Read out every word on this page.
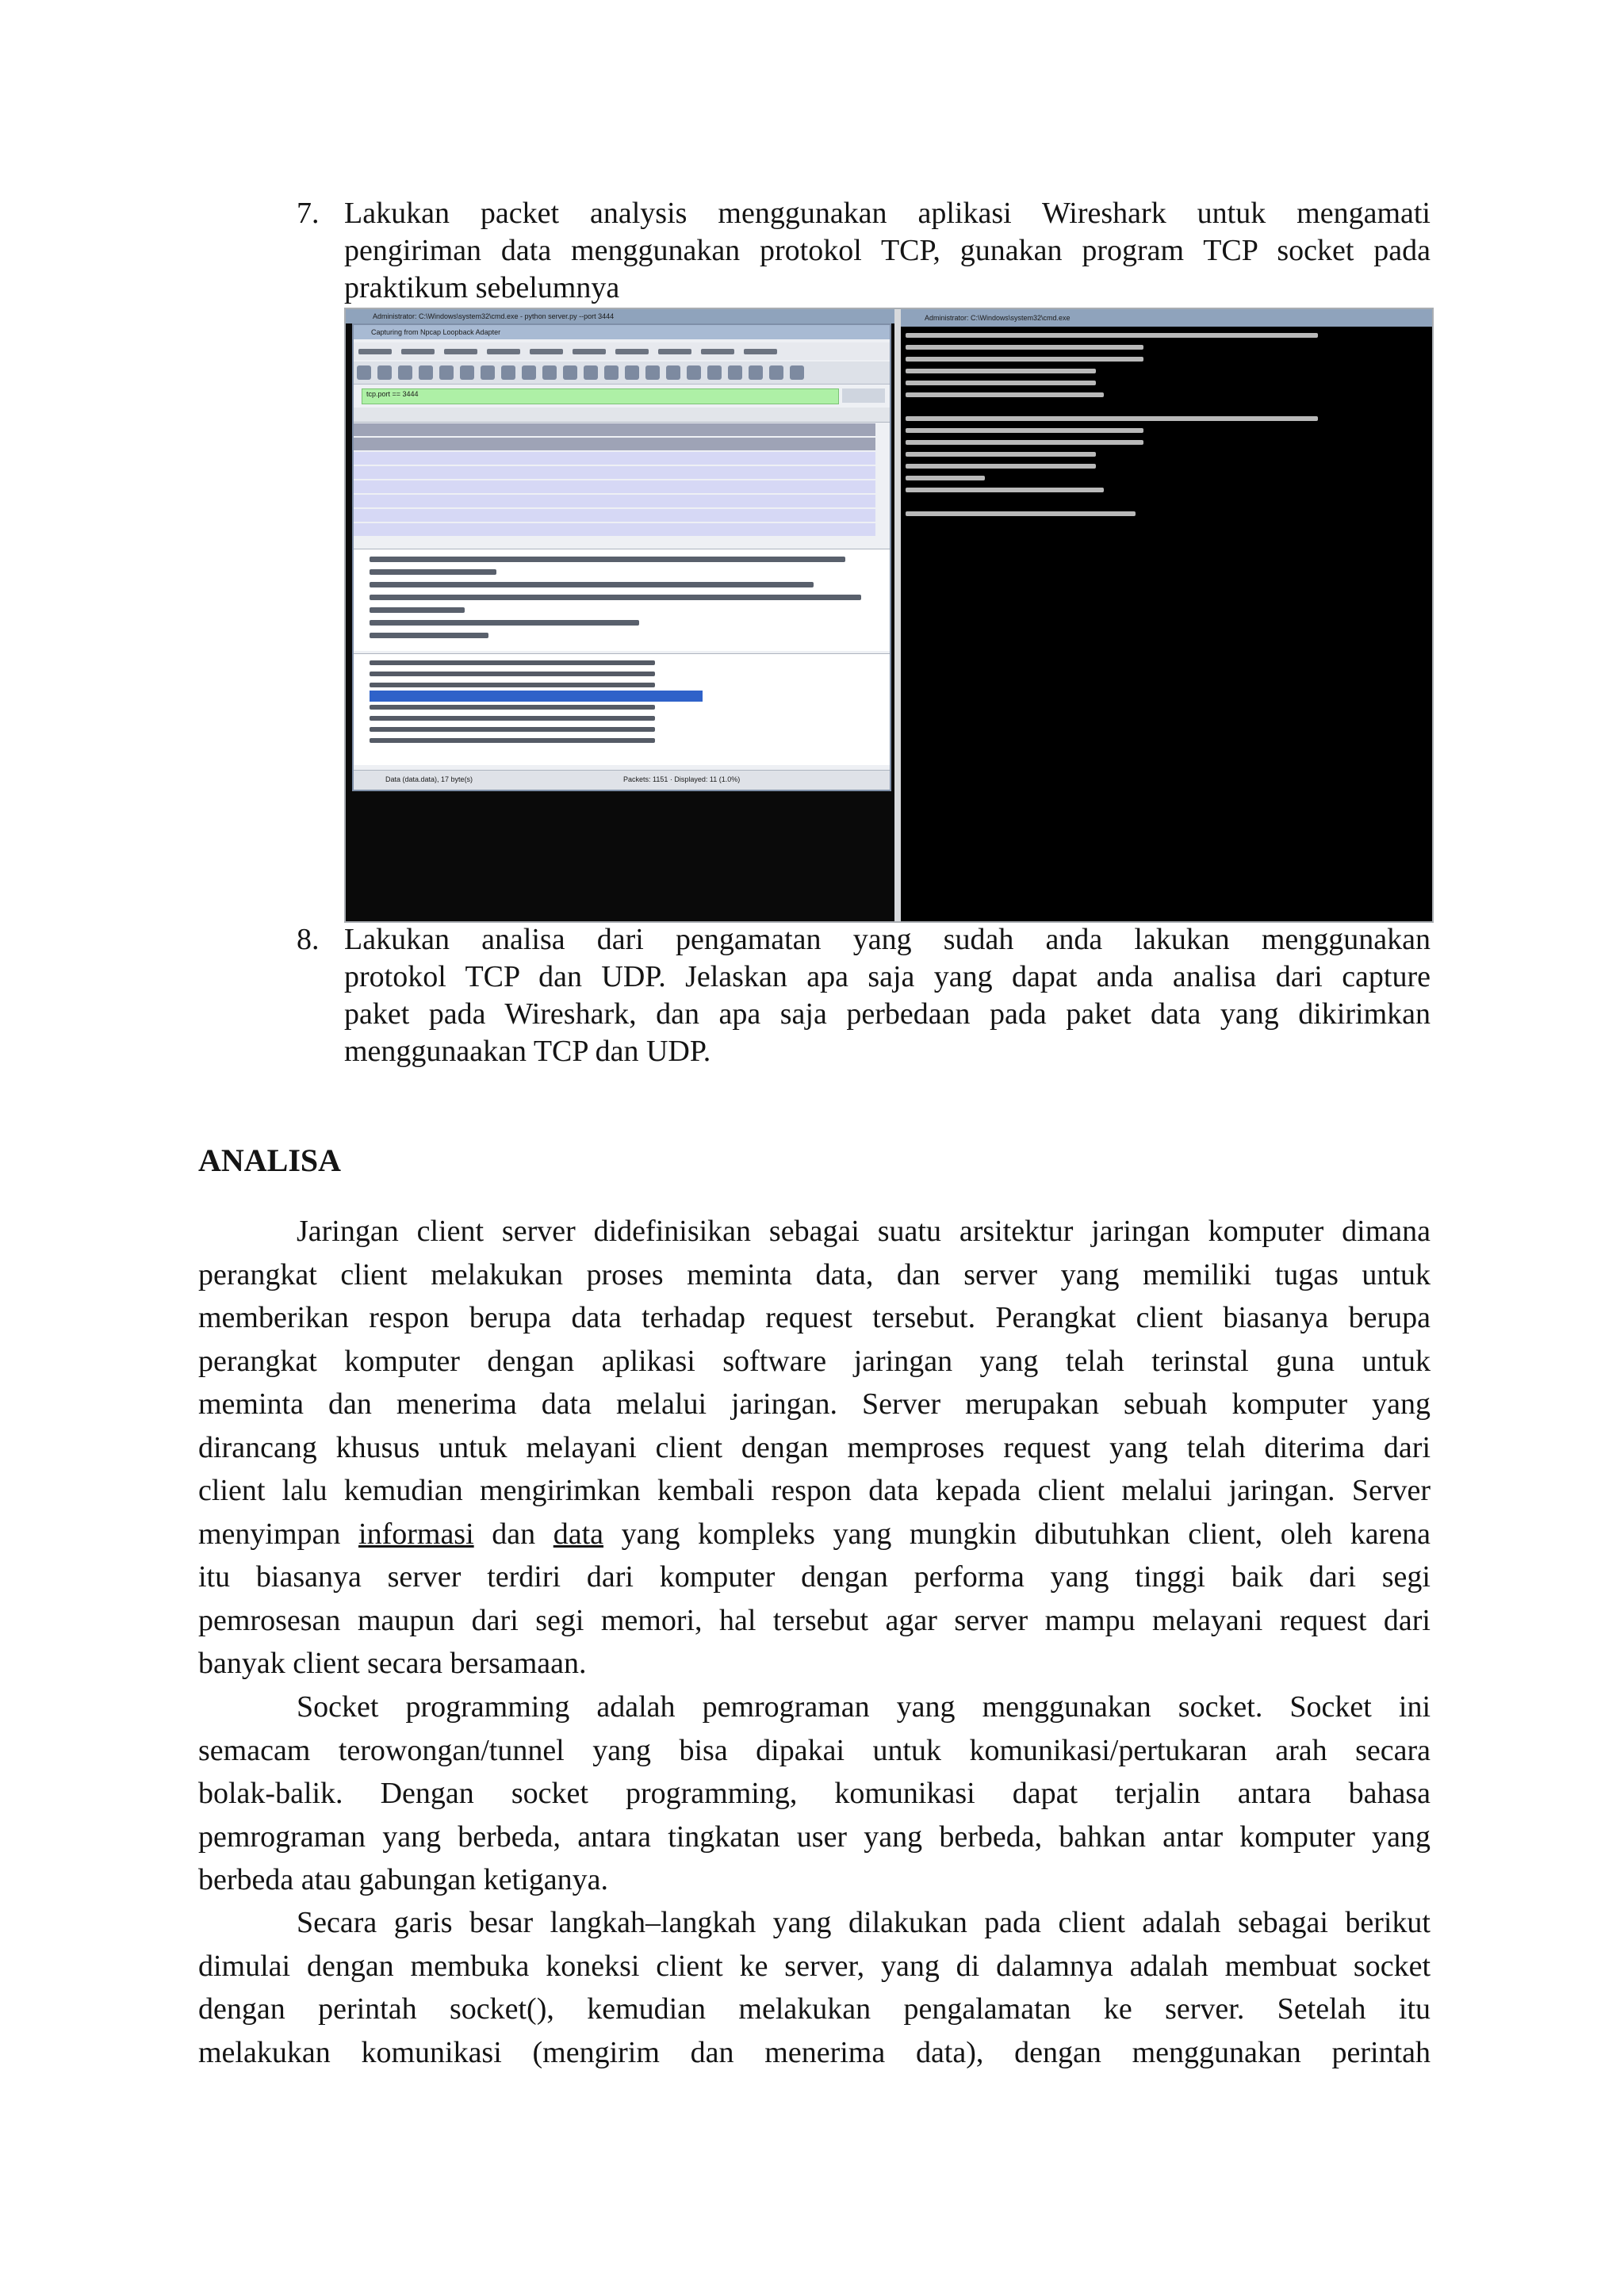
7. Lakukan packet analysis menggunakan aplikasi Wireshark untuk mengamati
pengiriman data menggunakan protokol TCP, gunakan program TCP socket pada
praktikum sebelumnya
Administrator: C:\Windows\system32\cmd.exe - python server.py --port 3444
Capturing from Npcap Loopback Adapter
tcp.port == 3444
Data (data.data), 17 byte(s)	Packets: 1151 · Displayed: 11 (1.0%)
Administrator: C:\Windows\system32\cmd.exe
8. Lakukan analisa dari pengamatan yang sudah anda lakukan menggunakan
protokol TCP dan UDP. Jelaskan apa saja yang dapat anda analisa dari capture
paket pada Wireshark, dan apa saja perbedaan pada paket data yang dikirimkan
menggunaakan TCP dan UDP.
ANALISA
Jaringan client server didefinisikan sebagai suatu arsitektur jaringan komputer dimana
perangkat client melakukan proses meminta data, dan server yang memiliki tugas untuk
memberikan respon berupa data terhadap request tersebut. Perangkat client biasanya berupa
perangkat komputer dengan aplikasi software jaringan yang telah terinstal guna untuk
meminta dan menerima data melalui jaringan. Server merupakan sebuah komputer yang
dirancang khusus untuk melayani client dengan memproses request yang telah diterima dari
client lalu kemudian mengirimkan kembali respon data kepada client melalui jaringan. Server
menyimpan informasi dan data yang kompleks yang mungkin dibutuhkan client, oleh karena
itu biasanya server terdiri dari komputer dengan performa yang tinggi baik dari segi
pemrosesan maupun dari segi memori, hal tersebut agar server mampu melayani request dari
banyak client secara bersamaan.
Socket programming adalah pemrograman yang menggunakan socket. Socket ini
semacam terowongan/tunnel yang bisa dipakai untuk komunikasi/pertukaran arah secara
bolak-balik. Dengan socket programming, komunikasi dapat terjalin antara bahasa
pemrograman yang berbeda, antara tingkatan user yang berbeda, bahkan antar komputer yang
berbeda atau gabungan ketiganya.
Secara garis besar langkah–langkah yang dilakukan pada client adalah sebagai berikut
dimulai dengan membuka koneksi client ke server, yang di dalamnya adalah membuat socket
dengan perintah socket(), kemudian melakukan pengalamatan ke server. Setelah itu
melakukan komunikasi (mengirim dan menerima data), dengan menggunakan perintah
